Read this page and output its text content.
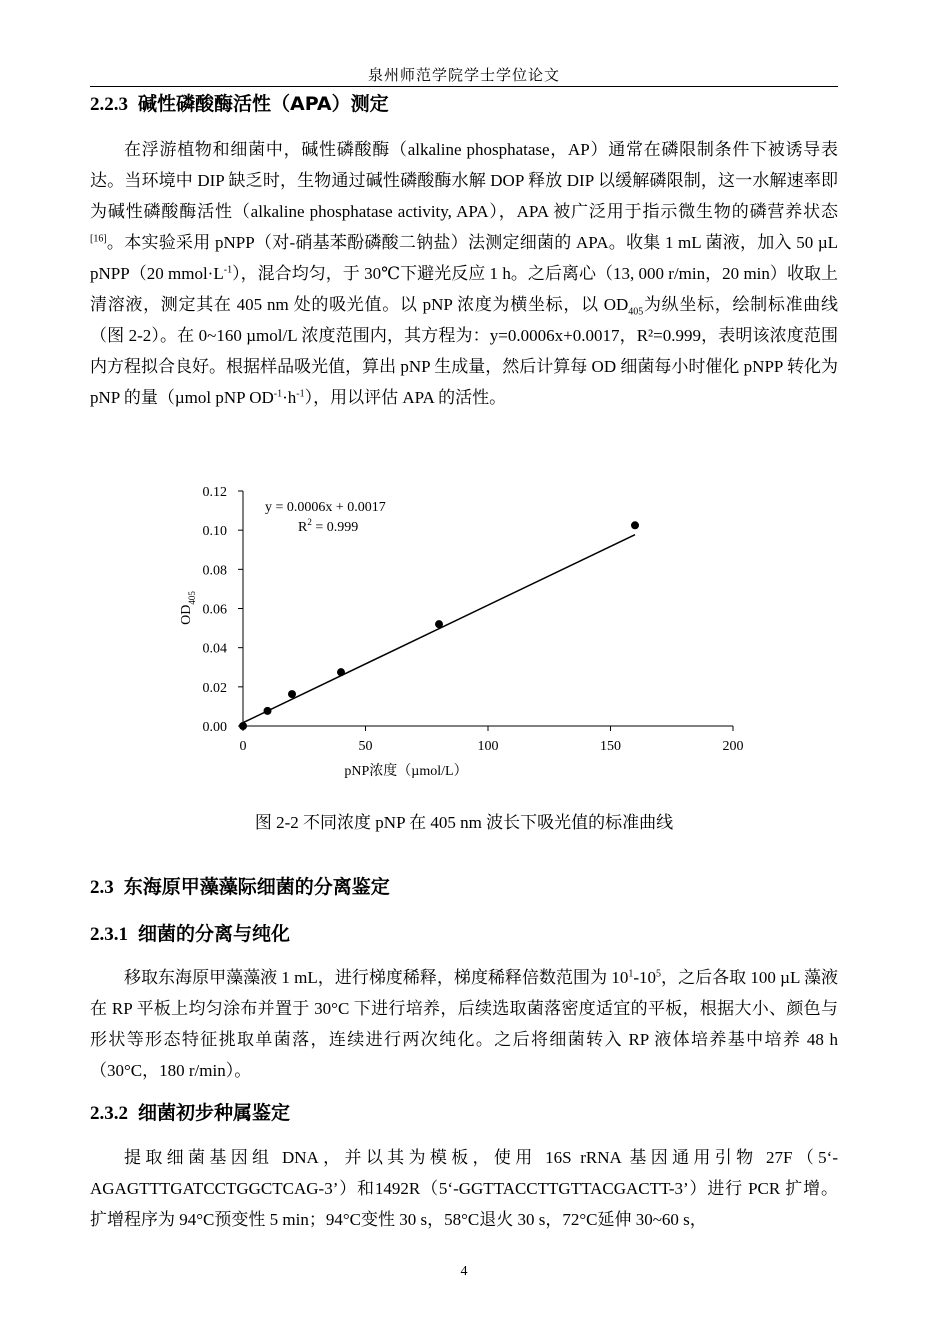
泉州师范学院学士学位论文
2.2.3 碱性磷酸酶活性（APA）测定
在浮游植物和细菌中，碱性磷酸酶（alkaline phosphatase，AP）通常在磷限制条件下被诱导表达。当环境中 DIP 缺乏时，生物通过碱性磷酸酶水解 DOP 释放 DIP 以缓解磷限制，这一水解速率即为碱性磷酸酶活性（alkaline phosphatase activity, APA），APA 被广泛用于指示微生物的磷营养状态[16]。本实验采用 pNPP（对-硝基苯酚磷酸二钠盐）法测定细菌的 APA。收集 1 mL 菌液，加入 50 µL pNPP（20 $mmol\cdot L^{-1}$），混合均匀，于 30℃下避光反应 1 h。之后离心（13, 000 r/min，20 min）收取上清溶液，测定其在 405 nm 处的吸光值。以 pNP 浓度为横坐标，以 $OD_{405}$为纵坐标，绘制标准曲线（图 2-2）。在 0~160 µmol/L 浓度范围内，其方程为：y=0.0006x+0.0017，R²=0.999，表明该浓度范围内方程拟合良好。根据样品吸光值，算出 pNP 生成量，然后计算每 OD 细菌每小时催化 pNPP 转化为 pNP 的量（µmol pNP $OD^{-1}\cdot h^{-1}$），用以评估 APA 的活性。
0.00
0.02
0.04
0.06
0.08
0.10
0.12
0	50	100	150	200
y = 0.0006x + 0.0017
$R^2 = 0.999$
pNP浓度（µmol/L）
$OD_{405}$
图 2-2 不同浓度 pNP 在 405 nm 波长下吸光值的标准曲线
2.3 东海原甲藻藻际细菌的分离鉴定
2.3.1 细菌的分离与纯化
移取东海原甲藻藻液 1 mL，进行梯度稀释，梯度稀释倍数范围为 $10^1-10^5$，之后各取 100 µL 藻液在 RP 平板上均匀涂布并置于 30°C 下进行培养，后续选取菌落密度适宜的平板，根据大小、颜色与形状等形态特征挑取单菌落，连续进行两次纯化。之后将细菌转入 RP 液体培养基中培养 48 h（30°C，180 r/min）。
2.3.2 细菌初步种属鉴定
提取细菌基因组 DNA，并以其为模板，使用 16S rRNA 基因通用引物 27F（5‘-AGAGTTTGATCCTGGCTCAG-3’）和1492R（5‘-GGTTACCTTGTTACGACTT-3’）进行 PCR 扩增。扩增程序为 94°C预变性 5 min；94°C变性 30 s，58°C退火 30 s，72°C延伸 30~60 s，
4
